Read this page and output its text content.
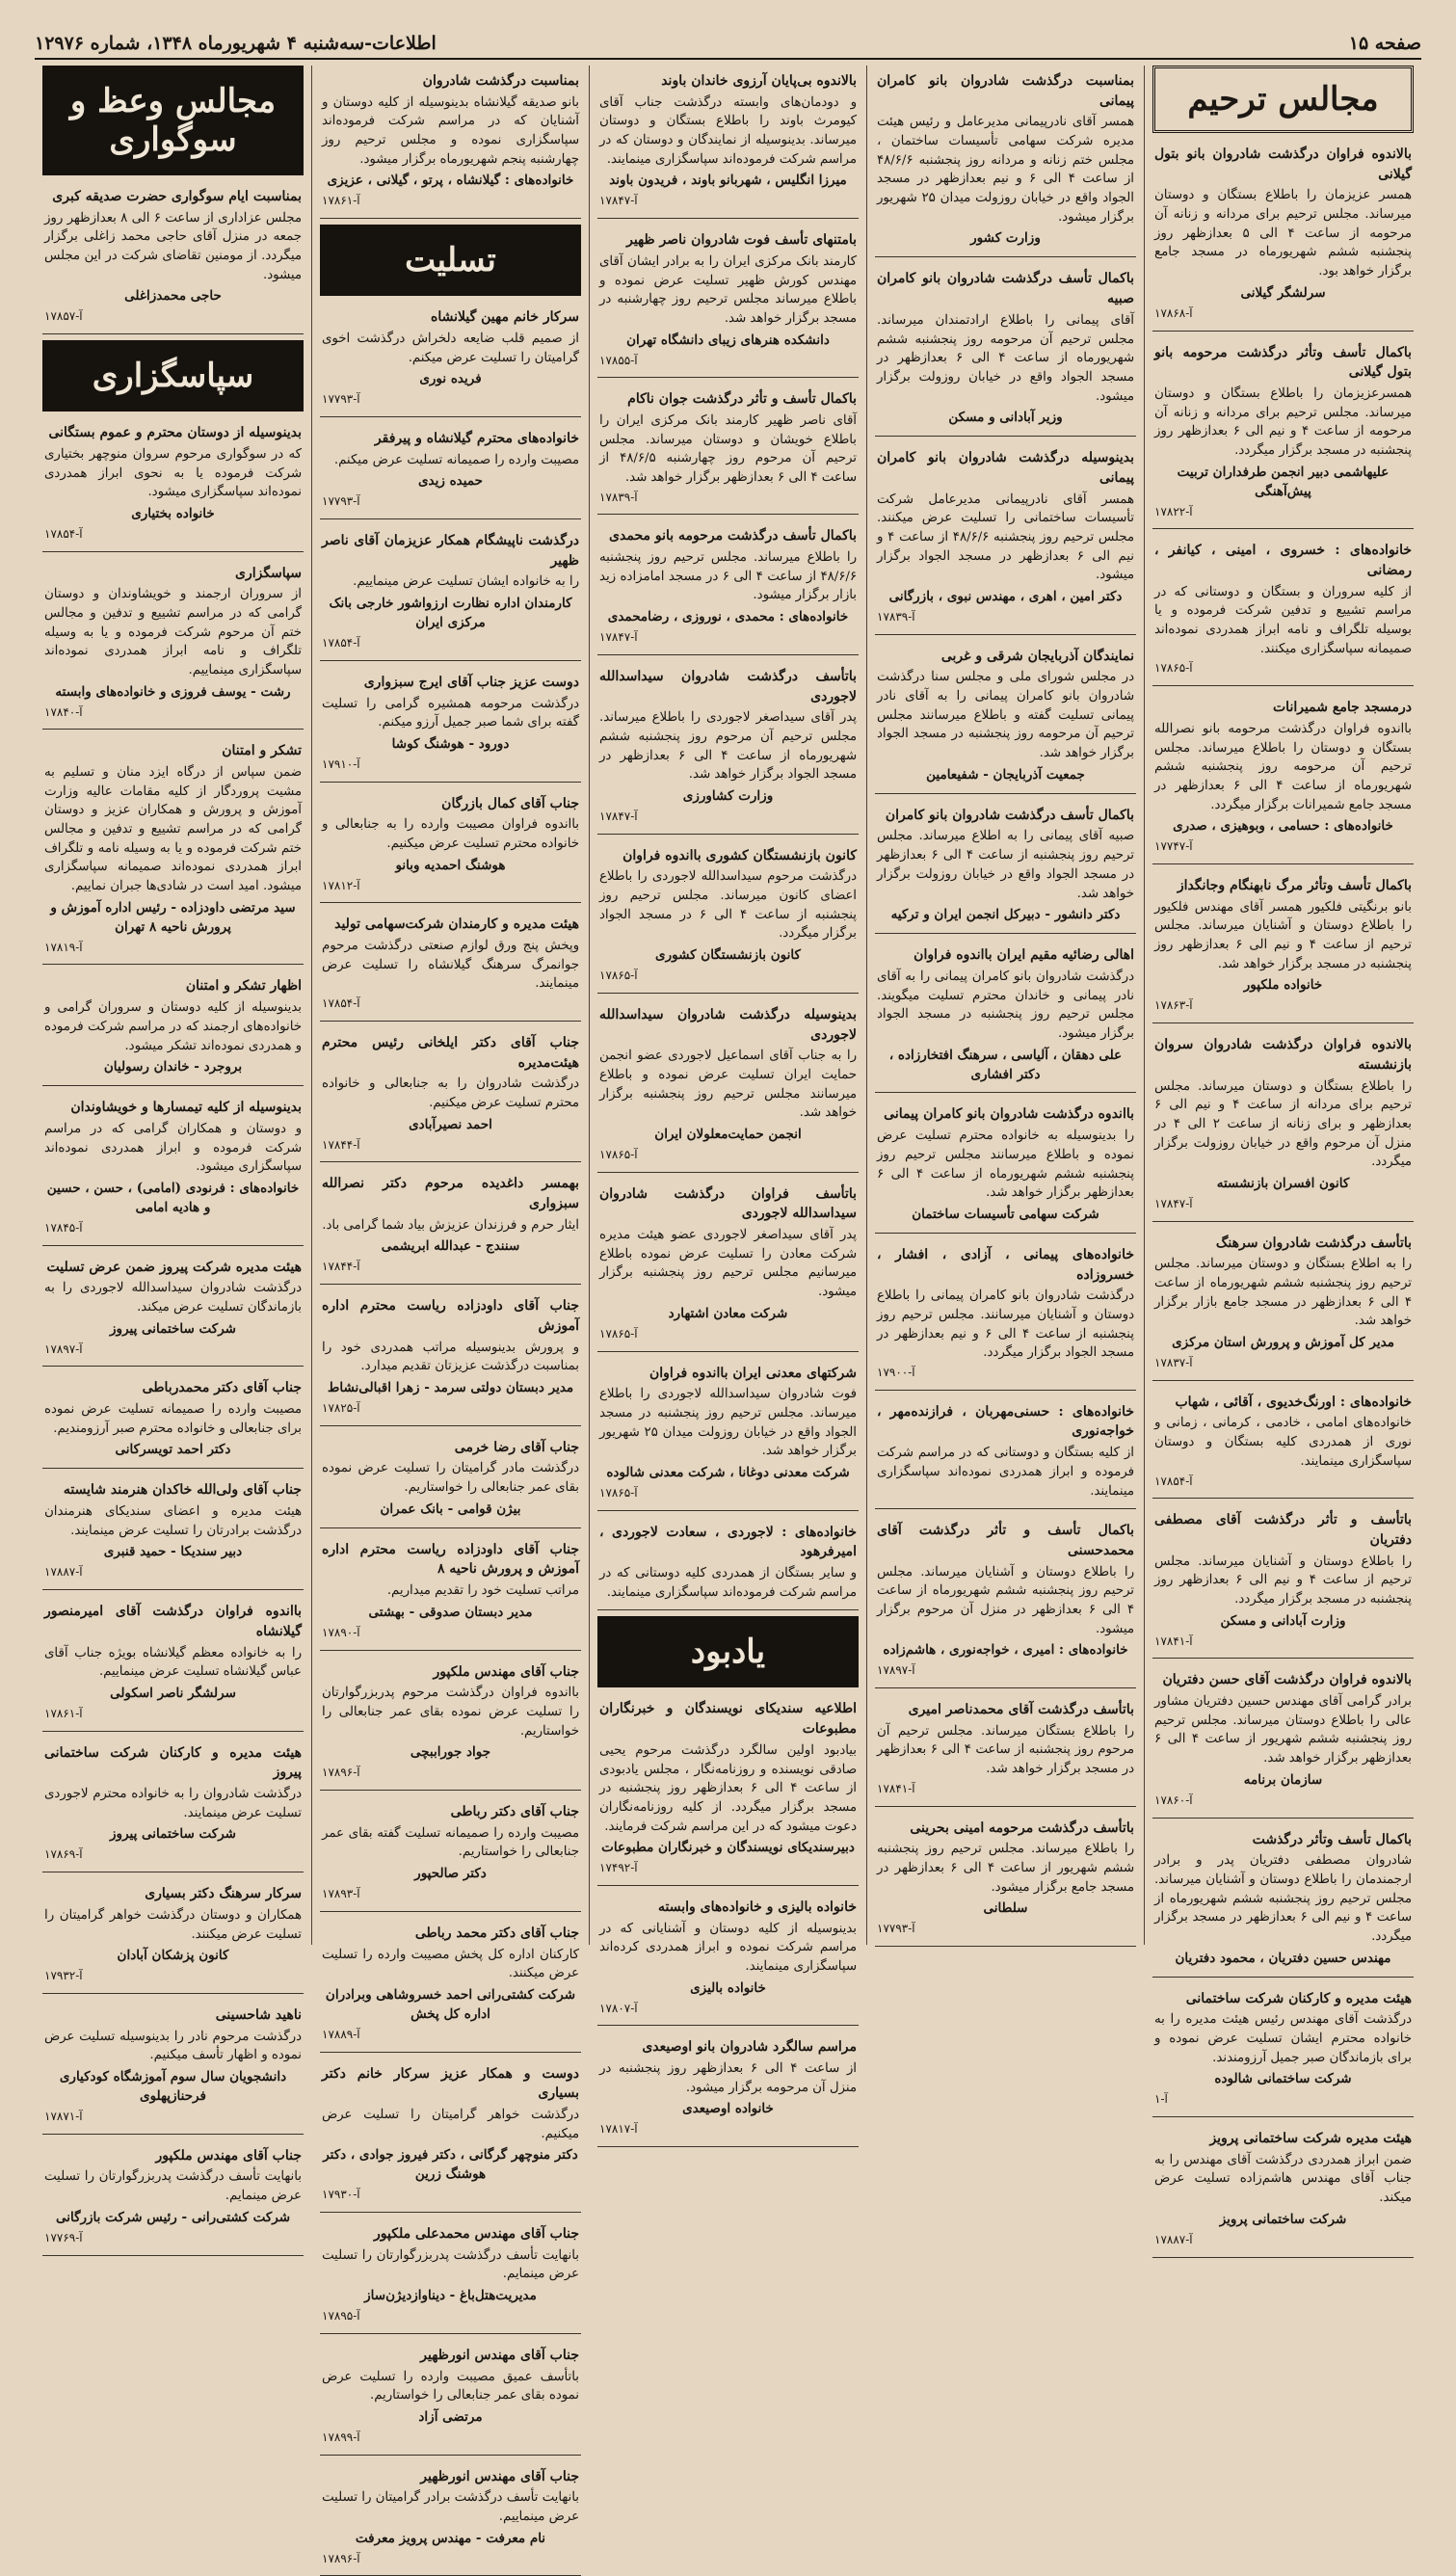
اطلاعات-سه‌شنبه ۴ شهریورماه ۱۳۴۸، شماره ۱۲۹۷۶	صفحه ۱۵
مجالس ترحیم
بالاندوه فراوان درگذشت شادروان بانو بتول گیلانی
همسر عزیزمان را باطلاع بستگان و دوستان میرساند. مجلس ترحیم برای مردانه و زنانه آن مرحومه از ساعت ۴ الی ۵ بعدازظهر روز پنجشنبه ششم شهریورماه در مسجد جامع برگزار خواهد بود.
سرلشگر گیلانی
آ-۱۷۸۶۸
باکمال تأسف وتأثر درگذشت مرحومه بانو بتول گیلانی
همسرعزیزمان را باطلاع بستگان و دوستان میرساند. مجلس ترحیم برای مردانه و زنانه آن مرحومه از ساعت ۴ و نیم الی ۶ بعدازظهر روز پنجشنبه در مسجد برگزار میگردد.
علیهاشمی دبیر انجمن طرفداران تربیت پیش‌آهنگی
آ-۱۷۸۲۲
خانواده‌های : خسروی ، امینی ، کیانفر ، رمضانی
از کلیه سروران و بستگان و دوستانی که در مراسم تشییع و تدفین شرکت فرموده و یا بوسیله تلگراف و نامه ابراز همدردی نموده‌اند صمیمانه سپاسگزاری میکنند.
آ-۱۷۸۶۵
درمسجد جامع شمیرانات
بااندوه فراوان درگذشت مرحومه بانو نصرالله بستگان و دوستان را باطلاع میرساند. مجلس ترحیم آن مرحومه روز پنجشنبه ششم شهریورماه از ساعت ۴ الی ۶ بعدازظهر در مسجد جامع شمیرانات برگزار میگردد.
خانواده‌های : حسامی ، وبوهیزی ، صدری
آ-۱۷۷۴۷
باکمال تأسف وتأثر مرگ نابهنگام وجانگداز
بانو برنگیتی فلکیور همسر آقای مهندس فلکیور را باطلاع دوستان و آشنایان میرساند. مجلس ترحیم از ساعت ۴ و نیم الی ۶ بعدازظهر روز پنجشنبه در مسجد برگزار خواهد شد.
خانواده ملکپور
آ-۱۷۸۶۳
بالاندوه فراوان درگذشت شادروان سروان بازنشسته
را باطلاع بستگان و دوستان میرساند. مجلس ترحیم برای مردانه از ساعت ۴ و نیم الی ۶ بعدازظهر و برای زنانه از ساعت ۲ الی ۴ در منزل آن مرحوم واقع در خیابان روزولت برگزار میگردد.
کانون افسران بازنشسته
آ-۱۷۸۴۷
باتأسف درگذشت شادروان سرهنگ
را به اطلاع بستگان و دوستان میرساند. مجلس ترحیم روز پنجشنبه ششم شهریورماه از ساعت ۴ الی ۶ بعدازظهر در مسجد جامع بازار برگزار خواهد شد.
مدیر کل آموزش و پرورش استان مرکزی
آ-۱۷۸۳۷
خانواده‌های : اورنگ‌خدیوی ، آقائی ، شهاب
خانواده‌های امامی ، خادمی ، کرمانی ، زمانی و نوری از همدردی کلیه بستگان و دوستان سپاسگزاری مینمایند.
آ-۱۷۸۵۴
باتأسف و تأثر درگذشت آقای مصطفی دفتریان
را باطلاع دوستان و آشنایان میرساند. مجلس ترحیم از ساعت ۴ و نیم الی ۶ بعدازظهر روز پنجشنبه در مسجد برگزار میگردد.
وزارت آبادانی و مسکن
آ-۱۷۸۴۱
بالاندوه فراوان درگذشت آقای حسن دفتریان
برادر گرامی آقای مهندس حسین دفتریان مشاور عالی را باطلاع دوستان میرساند. مجلس ترحیم روز پنجشنبه ششم شهریور از ساعت ۴ الی ۶ بعدازظهر برگزار خواهد شد.
سازمان برنامه
آ-۱۷۸۶۰
باکمال تأسف وتأثر درگذشت
شادروان مصطفی دفتریان پدر و برادر ارجمندمان را باطلاع دوستان و آشنایان میرساند. مجلس ترحیم روز پنجشنبه ششم شهریورماه از ساعت ۴ و نیم الی ۶ بعدازظهر در مسجد برگزار میگردد.
مهندس حسین دفتریان ، محمود دفتریان
هیئت مدیره و کارکنان شرکت ساختمانی
درگذشت آقای مهندس رئیس هیئت مدیره را به خانواده محترم ایشان تسلیت عرض نموده و برای بازماندگان صبر جمیل آرزومندند.
شرکت ساختمانی شالوده
آ-۱
هیئت مدیره شرکت ساختمانی پرویز
ضمن ابراز همدردی درگذشت آقای مهندس را به جناب آقای مهندس هاشم‌زاده تسلیت عرض میکند.
شرکت ساختمانی پرویز
آ-۱۷۸۸۷
بمناسبت درگذشت شادروان بانو کامران پیمانی
همسر آقای نادرپیمانی مدیرعامل و رئیس هیئت مدیره شرکت سهامی تأسیسات ساختمان ، مجلس ختم زنانه و مردانه روز پنجشنبه ۴۸/۶/۶ از ساعت ۴ الی ۶ و نیم بعدازظهر در مسجد الجواد واقع در خیابان روزولت میدان ۲۵ شهریور برگزار میشود.
وزارت کشور
باکمال تأسف درگذشت شادروان بانو کامران صبیه
آقای پیمانی را باطلاع ارادتمندان میرساند. مجلس ترحیم آن مرحومه روز پنجشنبه ششم شهریورماه از ساعت ۴ الی ۶ بعدازظهر در مسجد الجواد واقع در خیابان روزولت برگزار میشود.
وزیر آبادانی و مسکن
بدینوسیله درگذشت شادروان بانو کامران پیمانی
همسر آقای نادرپیمانی مدیرعامل شرکت تأسیسات ساختمانی را تسلیت عرض میکنند. مجلس ترحیم روز پنجشنبه ۴۸/۶/۶ از ساعت ۴ و نیم الی ۶ بعدازظهر در مسجد الجواد برگزار میشود.
دکتر امین ، اهری ، مهندس نبوی ، بازرگانی
آ-۱۷۸۳۹
نمایندگان آذربایجان شرقی و غربی
در مجلس شورای ملی و مجلس سنا درگذشت شادروان بانو کامران پیمانی را به آقای نادر پیمانی تسلیت گفته و باطلاع میرسانند مجلس ترحیم آن مرحومه روز پنجشنبه در مسجد الجواد برگزار خواهد شد.
جمعیت آذربایجان - شفیعامین
باکمال تأسف درگذشت شادروان بانو کامران
صبیه آقای پیمانی را به اطلاع میرساند. مجلس ترحیم روز پنجشنبه از ساعت ۴ الی ۶ بعدازظهر در مسجد الجواد واقع در خیابان روزولت برگزار خواهد شد.
دکتر دانشور - دبیرکل انجمن ایران و ترکیه
اهالی رضائیه مقیم ایران بااندوه فراوان
درگذشت شادروان بانو کامران پیمانی را به آقای نادر پیمانی و خاندان محترم تسلیت میگویند. مجلس ترحیم روز پنجشنبه در مسجد الجواد برگزار میشود.
علی دهقان ، آلیاسی ، سرهنگ افتخارزاده ، دکتر افشاری
بااندوه درگذشت شادروان بانو کامران پیمانی
را بدینوسیله به خانواده محترم تسلیت عرض نموده و باطلاع میرسانند مجلس ترحیم روز پنجشنبه ششم شهریورماه از ساعت ۴ الی ۶ بعدازظهر برگزار خواهد شد.
شرکت سهامی تأسیسات ساختمان
خانواده‌های پیمانی ، آزادی ، افشار ، خسروزاده
درگذشت شادروان بانو کامران پیمانی را باطلاع دوستان و آشنایان میرسانند. مجلس ترحیم روز پنجشنبه از ساعت ۴ الی ۶ و نیم بعدازظهر در مسجد الجواد برگزار میگردد.
آ-۱۷۹۰۰
خانواده‌های : حسنی‌مهربان ، فرازنده‌مهر ، خواجه‌نوری
از کلیه بستگان و دوستانی که در مراسم شرکت فرموده و ابراز همدردی نموده‌اند سپاسگزاری مینمایند.
باکمال تأسف و تأثر درگذشت آقای محمدحسنی
را باطلاع دوستان و آشنایان میرساند. مجلس ترحیم روز پنجشنبه ششم شهریورماه از ساعت ۴ الی ۶ بعدازظهر در منزل آن مرحوم برگزار میشود.
خانواده‌های : امیری ، خواجه‌نوری ، هاشم‌زاده
آ-۱۷۸۹۷
باتأسف درگذشت آقای محمدناصر امیری
را باطلاع بستگان میرساند. مجلس ترحیم آن مرحوم روز پنجشنبه از ساعت ۴ الی ۶ بعدازظهر در مسجد برگزار خواهد شد.
آ-۱۷۸۴۱
باتأسف درگذشت مرحومه امینی بحرینی
را باطلاع میرساند. مجلس ترحیم روز پنجشنبه ششم شهریور از ساعت ۴ الی ۶ بعدازظهر در مسجد جامع برگزار میشود.
سلطانی
آ-۱۷۷۹۳
بالاندوه بی‌پایان آرزوی خاندان باوند
و دودمان‌های وابسته درگذشت جناب آقای کیومرث باوند را باطلاع بستگان و دوستان میرساند. بدینوسیله از نمایندگان و دوستان که در مراسم شرکت فرموده‌اند سپاسگزاری مینمایند.
میرزا انگلیس ، شهربانو باوند ، فریدون باوند
آ-۱۷۸۴۷
بامتنهای تأسف فوت شادروان ناصر ظهیر
کارمند بانک مرکزی ایران را به برادر ایشان آقای مهندس کورش ظهیر تسلیت عرض نموده و باطلاع میرساند مجلس ترحیم روز چهارشنبه در مسجد برگزار خواهد شد.
دانشکده هنرهای زیبای دانشگاه تهران
آ-۱۷۸۵۵
باکمال تأسف و تأثر درگذشت جوان ناکام
آقای ناصر ظهیر کارمند بانک مرکزی ایران را باطلاع خویشان و دوستان میرساند. مجلس ترحیم آن مرحوم روز چهارشنبه ۴۸/۶/۵ از ساعت ۴ الی ۶ بعدازظهر برگزار خواهد شد.
آ-۱۷۸۳۹
باکمال تأسف درگذشت مرحومه بانو محمدی
را باطلاع میرساند. مجلس ترحیم روز پنجشنبه ۴۸/۶/۶ از ساعت ۴ الی ۶ در مسجد امامزاده زید بازار برگزار میشود.
خانواده‌های : محمدی ، نوروزی ، رضامحمدی
آ-۱۷۸۴۷
باتأسف درگذشت شادروان سیداسدالله لاجوردی
پدر آقای سیداصغر لاجوردی را باطلاع میرساند. مجلس ترحیم آن مرحوم روز پنجشنبه ششم شهریورماه از ساعت ۴ الی ۶ بعدازظهر در مسجد الجواد برگزار خواهد شد.
وزارت کشاورزی
آ-۱۷۸۴۷
کانون بازنشستگان کشوری بااندوه فراوان
درگذشت مرحوم سیداسدالله لاجوردی را باطلاع اعضای کانون میرساند. مجلس ترحیم روز پنجشنبه از ساعت ۴ الی ۶ در مسجد الجواد برگزار میگردد.
کانون بازنشستگان کشوری
آ-۱۷۸۶۵
بدینوسیله درگذشت شادروان سیداسدالله لاجوردی
را به جناب آقای اسماعیل لاجوردی عضو انجمن حمایت ایران تسلیت عرض نموده و باطلاع میرسانند مجلس ترحیم روز پنجشنبه برگزار خواهد شد.
انجمن حمایت‌معلولان ایران
آ-۱۷۸۶۵
باتأسف فراوان درگذشت شادروان سیداسدالله لاجوردی
پدر آقای سیداصغر لاجوردی عضو هیئت مدیره شرکت معادن را تسلیت عرض نموده باطلاع میرسانیم مجلس ترحیم روز پنجشنبه برگزار میشود.
شرکت معادن اشتهارد
آ-۱۷۸۶۵
شرکتهای معدنی ایران بااندوه فراوان
فوت شادروان سیداسدالله لاجوردی را باطلاع میرساند. مجلس ترحیم روز پنجشنبه در مسجد الجواد واقع در خیابان روزولت میدان ۲۵ شهریور برگزار خواهد شد.
شرکت معدنی دوغانا ، شرکت معدنی شالوده
آ-۱۷۸۶۵
خانواده‌های : لاجوردی ، سعادت لاجوردی ، امیرفرهود
و سایر بستگان از همدردی کلیه دوستانی که در مراسم شرکت فرموده‌اند سپاسگزاری مینمایند.
یادبود
اطلاعیه سندیکای نویسندگان و خبرنگاران مطبوعات
بیادبود اولین سالگرد درگذشت مرحوم یحیی صادقی نویسنده و روزنامه‌نگار ، مجلس یادبودی از ساعت ۴ الی ۶ بعدازظهر روز پنجشنبه در مسجد برگزار میگردد. از کلیه روزنامه‌نگاران دعوت میشود که در این مراسم شرکت فرمایند.
دبیرسندیکای نویسندگان و خبرنگاران مطبوعات
آ-۱۷۴۹۲
خانواده بالیزی و خانواده‌های وابسته
بدینوسیله از کلیه دوستان و آشنایانی که در مراسم شرکت نموده و ابراز همدردی کرده‌اند سپاسگزاری مینمایند.
خانواده بالیزی
آ-۱۷۸۰۷
مراسم سالگرد شادروان بانو اوصیعدی
از ساعت ۴ الی ۶ بعدازظهر روز پنجشنبه در منزل آن مرحومه برگزار میشود.
خانواده اوصیعدی
آ-۱۷۸۱۷
بمناسبت درگذشت شادروان
بانو صدیقه گیلانشاه بدینوسیله از کلیه دوستان و آشنایان که در مراسم شرکت فرموده‌اند سپاسگزاری نموده و مجلس ترحیم روز چهارشنبه پنجم شهریورماه برگزار میشود.
خانواده‌های : گیلانشاه ، پرتو ، گیلانی ، عزیزی
آ-۱۷۸۶۱
تسلیت
سرکار خانم مهین گیلانشاه
از صمیم قلب ضایعه دلخراش درگذشت اخوی گرامیتان را تسلیت عرض میکنم.
فریده نوری
آ-۱۷۷۹۳
خانواده‌های محترم گیلانشاه و پیرفقر
مصیبت وارده را صمیمانه تسلیت عرض میکنم.
حمیده زیدی
آ-۱۷۷۹۳
درگذشت ناپیشگام همکار عزیزمان آقای ناصر ظهیر
را به خانواده ایشان تسلیت عرض مینماییم.
کارمندان اداره نظارت ارزواشور خارجی بانک مرکزی ایران
آ-۱۷۸۵۴
دوست عزیز جناب آقای ایرج سبزواری
درگذشت مرحومه همشیره گرامی را تسلیت گفته برای شما صبر جمیل آرزو میکنم.
دورود - هوشنگ کوشا
آ-۱۷۹۱۰
جناب آقای کمال بازرگان
بااندوه فراوان مصیبت وارده را به جنابعالی و خانواده محترم تسلیت عرض میکنیم.
هوشنگ احمدیه وبانو
آ-۱۷۸۱۲
هیئت مدیره و کارمندان شرکت‌سهامی تولید
وپخش پنج ورق لوازم صنعتی درگذشت مرحوم جوانمرگ سرهنگ گیلانشاه را تسلیت عرض مینمایند.
آ-۱۷۸۵۴
جناب آقای دکتر ایلخانی رئیس محترم هیئت‌مدیره
درگذشت شادروان را به جنابعالی و خانواده محترم تسلیت عرض میکنیم.
احمد نصیرآبادی
آ-۱۷۸۴۴
بهمسر داغدیده مرحوم دکتر نصرالله سبزواری
ایثار حرم و فرزندان عزیزش بیاد شما گرامی باد.
سنندج - عبدالله ابریشمی
آ-۱۷۸۴۴
جناب آقای داودزاده ریاست محترم اداره آموزش
و پرورش بدینوسیله مراتب همدردی خود را بمناسبت درگذشت عزیزتان تقدیم میدارد.
مدیر دبستان دولتی سرمد - زهرا اقبالی‌نشاط
آ-۱۷۸۲۵
جناب آقای رضا خرمی
درگذشت مادر گرامیتان را تسلیت عرض نموده بقای عمر جنابعالی را خواستاریم.
بیژن قوامی - بانک عمران
جناب آقای داودزاده ریاست محترم اداره آموزش و پرورش ناحیه ۸
مراتب تسلیت خود را تقدیم میداریم.
مدیر دبستان صدوقی - بهشتی
آ-۱۷۸۹۰
جناب آقای مهندس ملکپور
بااندوه فراوان درگذشت مرحوم پدربزرگوارتان را تسلیت عرض نموده بقای عمر جنابعالی را خواستاریم.
جواد جوراببچی
آ-۱۷۸۹۶
جناب آقای دکتر رباطی
مصیبت وارده را صمیمانه تسلیت گفته بقای عمر جنابعالی را خواستاریم.
دکتر صالحپور
آ-۱۷۸۹۳
جناب آقای دکتر محمد رباطی
کارکنان اداره کل پخش مصیبت وارده را تسلیت عرض میکنند.
شرکت کشتی‌رانی احمد خسروشاهی وبرادران اداره کل پخش
آ-۱۷۸۸۹
دوست و همکار عزیز سرکار خانم دکتر بسیاری
درگذشت خواهر گرامیتان را تسلیت عرض میکنیم.
دکتر منوچهر گرگانی ، دکتر فیروز جوادی ، دکتر هوشنگ زرین
آ-۱۷۹۳۰
جناب آقای مهندس محمدعلی ملکپور
بانهایت تأسف درگذشت پدربزرگوارتان را تسلیت عرض مینمایم.
مدیریت‌هتل‌باغ - دیناوازدیژن‌ساز
آ-۱۷۸۹۵
جناب آقای مهندس انورظهیر
باتأسف عمیق مصیبت وارده را تسلیت عرض نموده بقای عمر جنابعالی را خواستاریم.
مرتضی آزاد
آ-۱۷۸۹۹
جناب آقای مهندس انورظهیر
بانهایت تأسف درگذشت برادر گرامیتان را تسلیت عرض مینماییم.
نام معرفت - مهندس پرویز معرفت
آ-۱۷۸۹۶
مجالس وعظ و سوگواری
بمناسبت ایام سوگواری حضرت صدیقه کبری
مجلس عزاداری از ساعت ۶ الی ۸ بعدازظهر روز جمعه در منزل آقای حاجی محمد زاغلی برگزار میگردد. از مومنین تقاضای شرکت در این مجلس میشود.
حاجی محمدزاغلی
آ-۱۷۸۵۷
سپاسگزاری
بدینوسیله از دوستان محترم و عموم بستگانی
که در سوگواری مرحوم سروان منوچهر بختیاری شرکت فرموده یا به نحوی ابراز همدردی نموده‌اند سپاسگزاری میشود.
خانواده بختیاری
آ-۱۷۸۵۴
سپاسگزاری
از سروران ارجمند و خویشاوندان و دوستان گرامی که در مراسم تشییع و تدفین و مجالس ختم آن مرحوم شرکت فرموده و یا به وسیله تلگراف و نامه ابراز همدردی نموده‌اند سپاسگزاری مینماییم.
رشت - یوسف فروزی و خانواده‌های وابسته
آ-۱۷۸۴۰
تشکر و امتنان
ضمن سپاس از درگاه ایزد منان و تسلیم به مشیت پروردگار از کلیه مقامات عالیه وزارت آموزش و پرورش و همکاران عزیز و دوستان گرامی که در مراسم تشییع و تدفین و مجالس ختم شرکت فرموده و یا به وسیله نامه و تلگراف ابراز همدردی نموده‌اند صمیمانه سپاسگزاری میشود. امید است در شادی‌ها جبران نماییم.
سید مرتضی داودزاده - رئیس اداره آموزش و پرورش ناحیه ۸ تهران
آ-۱۷۸۱۹
اظهار تشکر و امتنان
بدینوسیله از کلیه دوستان و سروران گرامی و خانواده‌های ارجمند که در مراسم شرکت فرموده و همدردی نموده‌اند تشکر میشود.
بروجرد - خاندان رسولیان
بدینوسیله از کلیه تیمسارها و خویشاوندان
و دوستان و همکاران گرامی که در مراسم شرکت فرموده و ابراز همدردی نموده‌اند سپاسگزاری میشود.
خانواده‌های : فرنودی (امامی) ، حسن ، حسین و هادیه امامی
آ-۱۷۸۴۵
هیئت مدیره شرکت پیروز ضمن عرض تسلیت
درگذشت شادروان سیداسدالله لاجوردی را به بازماندگان تسلیت عرض میکند.
شرکت ساختمانی پیروز
آ-۱۷۸۹۷
جناب آقای دکتر محمدرباطی
مصیبت وارده را صمیمانه تسلیت عرض نموده برای جنابعالی و خانواده محترم صبر آرزومندیم.
دکتر احمد تویسرکانی
جناب آقای ولی‌الله خاکدان هنرمند شایسته
هیئت مدیره و اعضای سندیکای هنرمندان درگذشت برادرتان را تسلیت عرض مینمایند.
دبیر سندیکا - حمید قنبری
آ-۱۷۸۸۷
بااندوه فراوان درگذشت آقای امیرمنصور گیلانشاه
را به خانواده معظم گیلانشاه بویژه جناب آقای عباس گیلانشاه تسلیت عرض مینماییم.
سرلشگر ناصر اسکولی
آ-۱۷۸۶۱
هیئت مدیره و کارکنان شرکت ساختمانی پیروز
درگذشت شادروان را به خانواده محترم لاجوردی تسلیت عرض مینمایند.
شرکت ساختمانی پیروز
آ-۱۷۸۶۹
سرکار سرهنگ دکتر بسیاری
همکاران و دوستان درگذشت خواهر گرامیتان را تسلیت عرض میکنند.
کانون پزشکان آبادان
آ-۱۷۹۳۲
ناهید شاحسینی
درگذشت مرحوم نادر را بدینوسیله تسلیت عرض نموده و اظهار تأسف میکنیم.
دانشجویان سال سوم آموزشگاه کودکیاری فرحنازپهلوی
آ-۱۷۸۷۱
جناب آقای مهندس ملکپور
بانهایت تأسف درگذشت پدربزرگوارتان را تسلیت عرض مینمایم.
شرکت کشتی‌رانی - رئیس شرکت بازرگانی
آ-۱۷۷۶۹
